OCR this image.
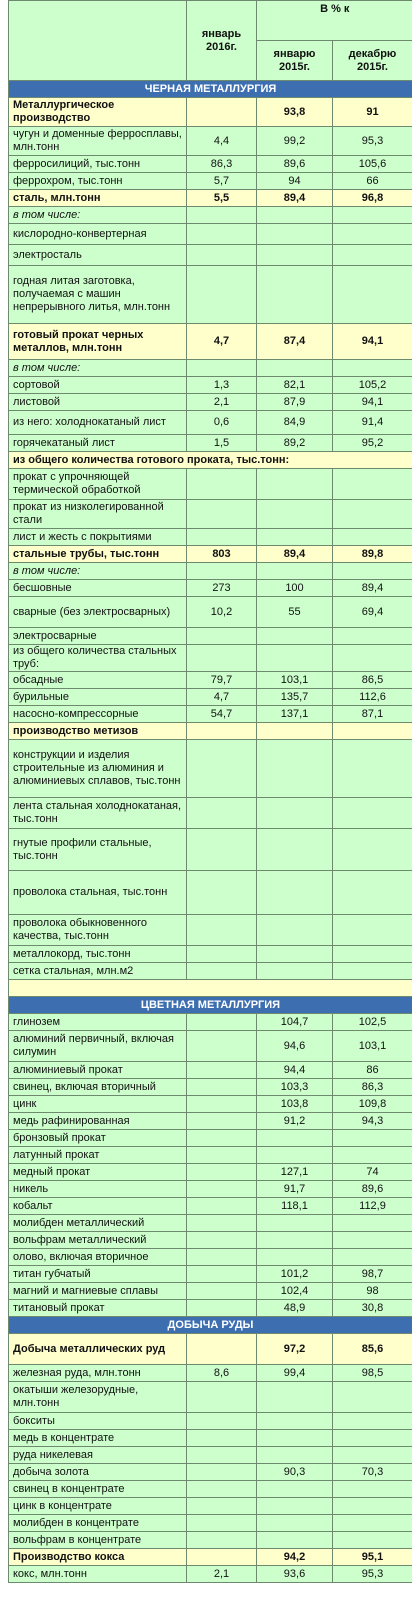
	январь 2016г.	В % к	
		январю 2015г.	декабрю 2015г.
ЧЕРНАЯ МЕТАЛЛУРГИЯ			
Металлургическое производство		93,8	91
чугун и доменные ферросплавы, млн.тонн	4,4	99,2	95,3
ферросилиций, тыс.тонн	86,3	89,6	105,6
феррохром, тыс.тонн	5,7	94	66
сталь, млн.тонн	5,5	89,4	96,8
в том числе:			
кислородно-конвертерная			
электросталь			
годная литая заготовка, получаемая с машин непрерывного литья, млн.тонн			
готовый прокат черных металлов, млн.тонн	4,7	87,4	94,1
в том числе:			
сортовой	1,3	82,1	105,2
листовой	2,1	87,9	94,1
из него: холоднокатаный лист	0,6	84,9	91,4
горячекатаный лист	1,5	89,2	95,2
из общего количества готового проката, тыс.тонн:			
прокат с упрочняющей термической обработкой			
прокат из низколегированной стали			
лист и жесть с покрытиями			
стальные трубы, тыс.тонн	803	89,4	89,8
в том числе:			
бесшовные	273	100	89,4
сварные (без электросварных)	10,2	55	69,4
электросварные			
из общего количества стальных труб:			
обсадные	79,7	103,1	86,5
бурильные	4,7	135,7	112,6
насосно-компрессорные	54,7	137,1	87,1
производство метизов			
конструкции и изделия строительные из алюминия и алюминиевых сплавов, тыс.тонн			
лента стальная холоднокатаная, тыс.тонн			
гнутые профили стальные, тыс.тонн			
проволока стальная, тыс.тонн			
проволока обыкновенного качества, тыс.тонн			
металлокорд, тыс.тонн			
сетка стальная, млн.м2			

ЦВЕТНАЯ МЕТАЛЛУРГИЯ			
глинозем		104,7	102,5
алюминий первичный, включая силумин		94,6	103,1
алюминиевый прокат		94,4	86
свинец, включая вторичный		103,3	86,3
цинк		103,8	109,8
медь рафинированная		91,2	94,3
бронзовый прокат			
латунный прокат			
медный прокат		127,1	74
никель		91,7	89,6
кобальт		118,1	112,9
молибден металлический			
вольфрам металлический			
олово, включая вторичное			
титан губчатый		101,2	98,7
магний и магниевые сплавы		102,4	98
титановый прокат		48,9	30,8
ДОБЫЧА РУДЫ			
Добыча металлических руд		97,2	85,6
железная руда, млн.тонн	8,6	99,4	98,5
окатыши железорудные, млн.тонн			
бокситы			
медь в концентрате			
руда никелевая			
добыча золота		90,3	70,3
свинец в концентрате			
цинк в концентрате			
молибден в концентрате			
вольфрам в концентрате			
Производство кокса		94,2	95,1
кокс, млн.тонн	2,1	93,6	95,3
